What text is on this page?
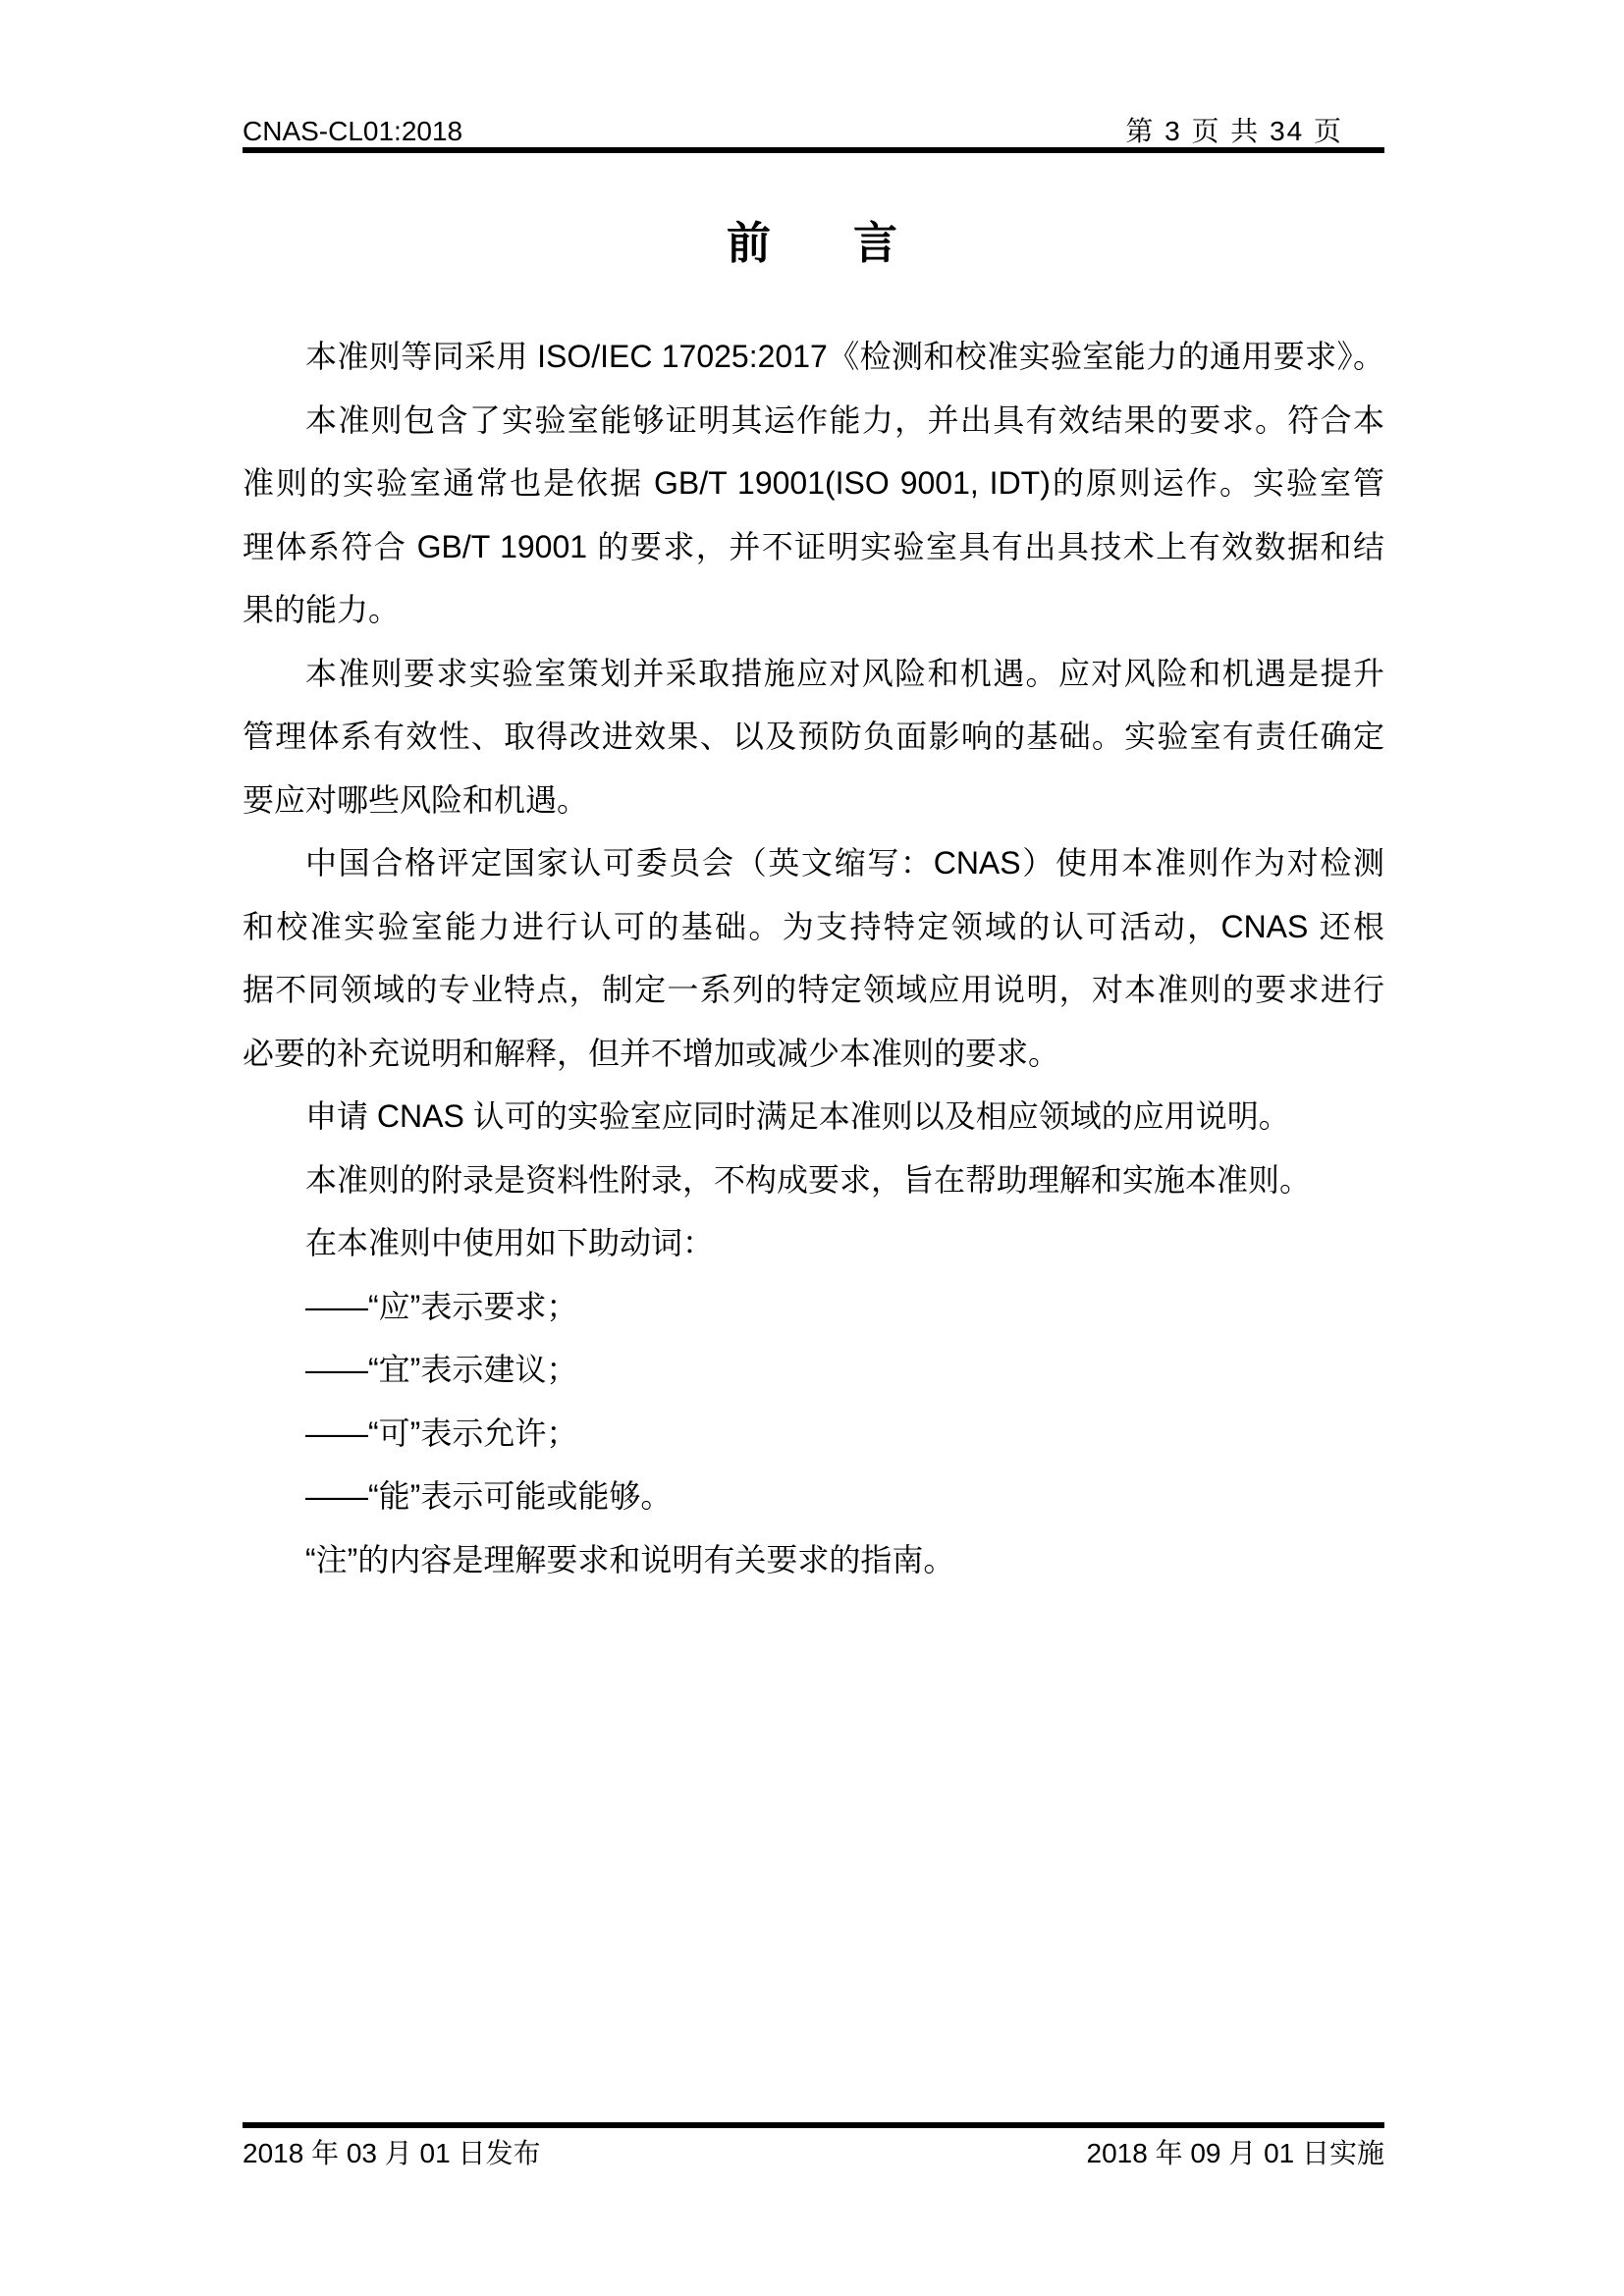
CNAS-CL01:2018	第 3 页 共 34 页
前 言
本准则等同采用 ISO/IEC 17025:2017《检测和校准实验室能力的通用要求》。
本准则包含了实验室能够证明其运作能力，并出具有效结果的要求。符合本
准则的实验室通常也是依据 GB/T 19001(ISO 9001, IDT)的原则运作。实验室管
理体系符合 GB/T 19001 的要求，并不证明实验室具有出具技术上有效数据和结
果的能力。
本准则要求实验室策划并采取措施应对风险和机遇。应对风险和机遇是提升
管理体系有效性、取得改进效果、以及预防负面影响的基础。实验室有责任确定
要应对哪些风险和机遇。
中国合格评定国家认可委员会（英文缩写：CNAS）使用本准则作为对检测
和校准实验室能力进行认可的基础。为支持特定领域的认可活动，CNAS 还根
据不同领域的专业特点，制定一系列的特定领域应用说明，对本准则的要求进行
必要的补充说明和解释，但并不增加或减少本准则的要求。
申请 CNAS 认可的实验室应同时满足本准则以及相应领域的应用说明。
本准则的附录是资料性附录，不构成要求，旨在帮助理解和实施本准则。
在本准则中使用如下助动词：
——“应”表示要求；
——“宜”表示建议；
——“可”表示允许；
——“能”表示可能或能够。
“注”的内容是理解要求和说明有关要求的指南。
2018 年 03 月 01 日发布	2018 年 09 月 01 日实施
